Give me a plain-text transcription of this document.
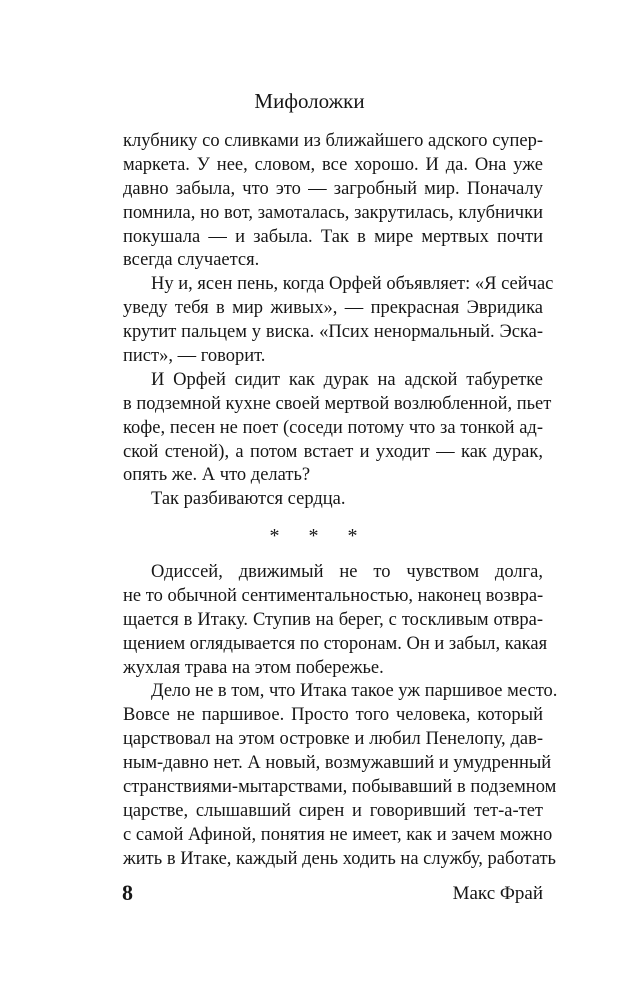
Мифоложки
клубнику со сливками из ближайшего адского супер-
маркета. У нее, словом, все хорошо. И да. Она уже
давно забыла, что это — загробный мир. Поначалу
помнила, но вот, замоталась, закрутилась, клубнички
покушала — и забыла. Так в мире мертвых почти
всегда случается.
Ну и, ясен пень, когда Орфей объявляет: «Я сейчас
уведу тебя в мир живых», — прекрасная Эвридика
крутит пальцем у виска. «Псих ненормальный. Эска-
пист», — говорит.
И Орфей сидит как дурак на адской табуретке
в подземной кухне своей мертвой возлюбленной, пьет
кофе, песен не поет (соседи потому что за тонкой ад-
ской стеной), а потом встает и уходит — как дурак,
опять же. А что делать?
Так разбиваются сердца.
* * *
Одиссей, движимый не то чувством долга,
не то обычной сентиментальностью, наконец возвра-
щается в Итаку. Ступив на берег, с тоскливым отвра-
щением оглядывается по сторонам. Он и забыл, какая
жухлая трава на этом побережье.
Дело не в том, что Итака такое уж паршивое место.
Вовсе не паршивое. Просто того человека, который
царствовал на этом островке и любил Пенелопу, дав-
ным-давно нет. А новый, возмужавший и умудренный
странствиями-мытарствами, побывавший в подземном
царстве, слышавший сирен и говоривший тет-а-тет
с самой Афиной, понятия не имеет, как и зачем можно
жить в Итаке, каждый день ходить на службу, работать
8	Макс Фрай
